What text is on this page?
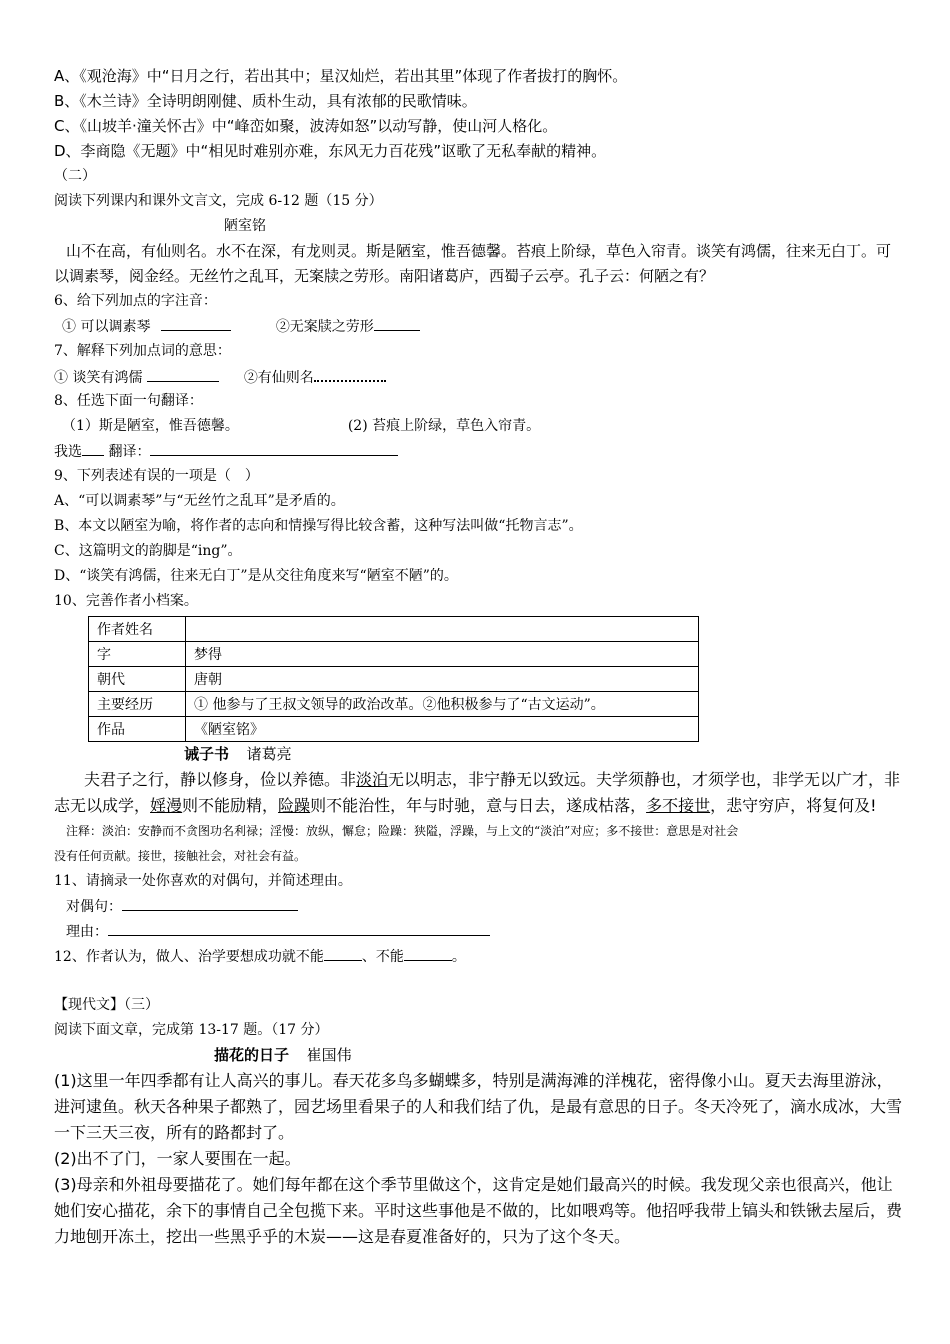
A、《观沧海》中“日月之行，若出其中；星汉灿烂，若出其里”体现了作者拔打的胸怀。
B、《木兰诗》全诗明朗刚健、质朴生动，具有浓郁的民歌情味。
C、《山坡羊·潼关怀古》中“峰峦如聚，波涛如怒”以动写静，使山河人格化。
D、李商隐《无题》中“相见时难别亦难，东风无力百花残”讴歌了无私奉献的精神。
（二）
阅读下列课内和课外文言文，完成 6-12 题（15 分）
陋室铭
山不在高，有仙则名。水不在深，有龙则灵。斯是陋室，惟吾德馨。苔痕上阶绿，草色入帘青。谈笑有鸿儒，往来无白丁。可以调素琴，阅金经。无丝竹之乱耳，无案牍之劳形。南阳诸葛庐，西蜀子云亭。孔子云：何陋之有？
6、给下列加点的字注音：
① 可以调素琴	②无案牍之劳形
7、解释下列加点词的意思：
① 谈笑有鸿儒	②有仙则名
8、任选下面一句翻译：
（1）斯是陋室，惟吾德馨。	(2) 苔痕上阶绿，草色入帘青。
我选 翻译：
9、下列表述有误的一项是（　）
A、“可以调素琴”与“无丝竹之乱耳”是矛盾的。
B、本文以陋室为喻，将作者的志向和情操写得比较含蓄，这种写法叫做“托物言志”。
C、这篇明文的韵脚是“ing”。
D、“谈笑有鸿儒，往来无白丁”是从交往角度来写“陋室不陋”的。
10、完善作者小档案。
作者姓名	
字	梦得
朝代	唐朝
主要经历	① 他参与了王叔文领导的政治改革。②他积极参与了“古文运动”。
作品	《陋室铭》
诫子书 诸葛亮
夫君子之行，静以修身，俭以养德。非淡泊无以明志，非宁静无以致远。夫学须静也，才须学也，非学无以广才，非志无以成学，婬漫则不能励精，险躁则不能治性，年与时驰，意与日去，遂成枯落，多不接世，悲守穷庐，将复何及!
注释：淡泊：安静而不贪图功名利禄；淫慢：放纵，懈怠；险躁：狭隘，浮躁，与上文的“淡泊”对应；多不接世：意思是对社会
没有任何贡献。接世，接触社会，对社会有益。
11、请摘录一处你喜欢的对偶句，并简述理由。
对偶句：
理由：
12、作者认为，做人、治学要想成功就不能	、不能	。
【现代文】（三）
阅读下面文章，完成第 13-17 题。（17 分）
描花的日子 崔国伟
(1)这里一年四季都有让人高兴的事儿。春天花多鸟多蝴蝶多，特别是满海滩的洋槐花，密得像小山。夏天去海里游泳，进河逮鱼。秋天各种果子都熟了，园艺场里看果子的人和我们结了仇，是最有意思的日子。冬天冷死了，滴水成冰，大雪一下三天三夜，所有的路都封了。
(2)出不了门，一家人要围在一起。
(3)母亲和外祖母要描花了。她们每年都在这个季节里做这个，这肯定是她们最高兴的时候。我发现父亲也很高兴，他让她们安心描花，余下的事情自己全包揽下来。平时这些事他是不做的，比如喂鸡等。他招呼我带上镐头和铁锹去屋后，费力地刨开冻土，挖出一些黑乎乎的木炭——这是春夏准备好的，只为了这个冬天。
